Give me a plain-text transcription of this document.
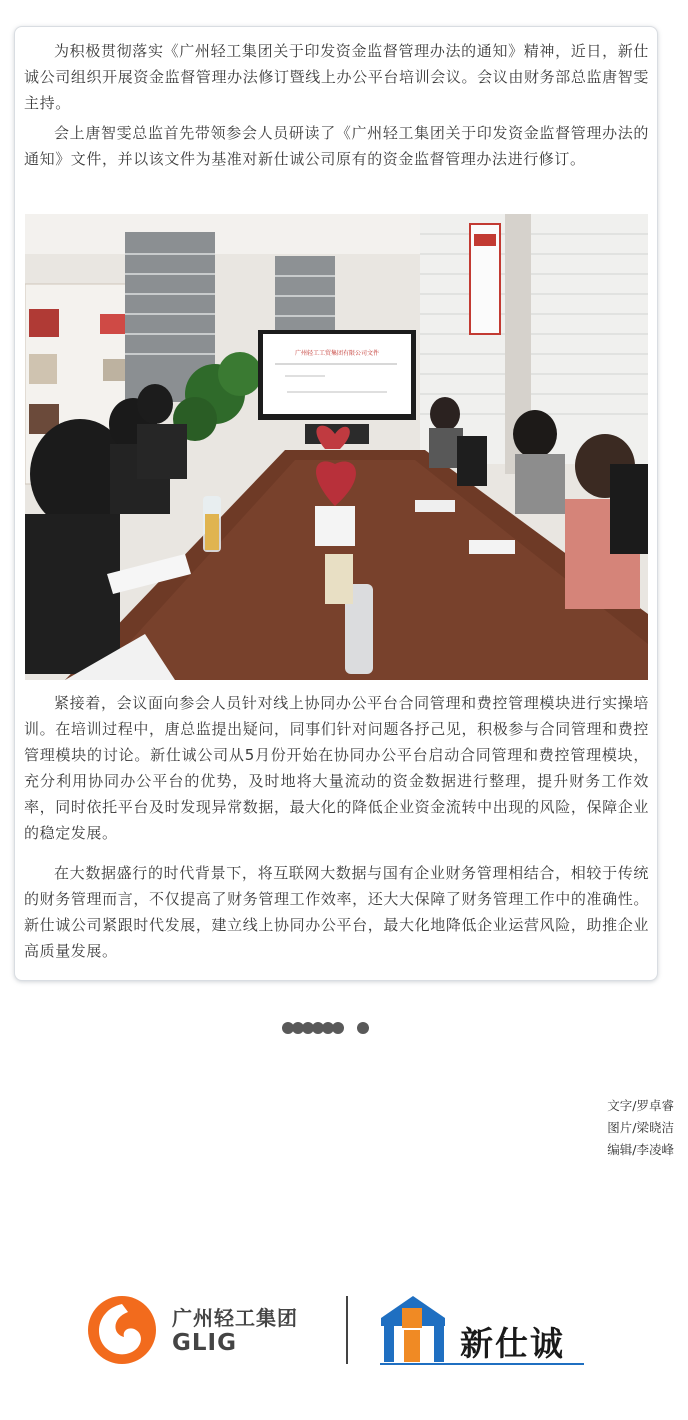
为积极贯彻落实《广州轻工集团关于印发资金监督管理办法的通知》精神，近日，新仕诚公司组织开展资金监督管理办法修订暨线上办公平台培训会议。会议由财务部总监唐智雯主持。

会上唐智雯总监首先带领参会人员研读了《广州轻工集团关于印发资金监督管理办法的通知》文件，并以该文件为基准对新仕诚公司原有的资金监督管理办法进行修订。

广州轻工工贸集团有限公司文件

紧接着，会议面向参会人员针对线上协同办公平台合同管理和费控管理模块进行实操培训。在培训过程中，唐总监提出疑问，同事们针对问题各抒己见，积极参与合同管理和费控管理模块的讨论。新仕诚公司从5月份开始在协同办公平台启动合同管理和费控管理模块，充分利用协同办公平台的优势，及时地将大量流动的资金数据进行整理，提升财务工作效率，同时依托平台及时发现异常数据，最大化的降低企业资金流转中出现的风险，保障企业的稳定发展。

在大数据盛行的时代背景下，将互联网大数据与国有企业财务管理相结合，相较于传统的财务管理而言，不仅提高了财务管理工作效率，还大大保障了财务管理工作中的准确性。新仕诚公司紧跟时代发展，建立线上协同办公平台，最大化地降低企业运营风险，助推企业高质量发展。

文字/罗卓睿
图片/梁晓洁
编辑/李凌峰
广州轻工集团
GLIG	新仕诚
